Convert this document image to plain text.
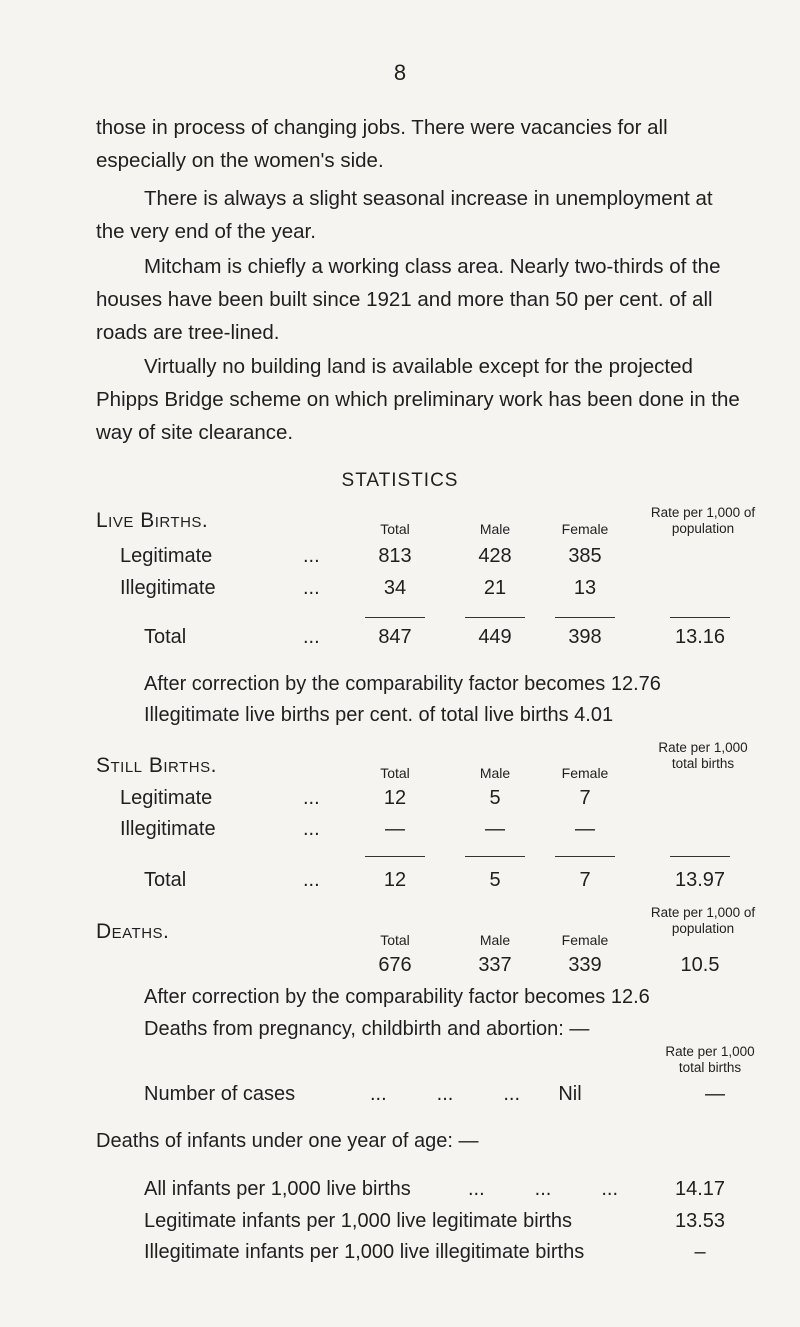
8
those in process of changing jobs. There were vacancies for all especially on the women's side.
There is always a slight seasonal increase in unemployment at the very end of the year.
Mitcham is chiefly a working class area. Nearly two-thirds of the houses have been built since 1921 and more than 50 per cent. of all roads are tree-lined.
Virtually no building land is available except for the projected Phipps Bridge scheme on which preliminary work has been done in the way of site clearance.
STATISTICS
Live Births.	Total	Male	Female
Rate per 1,000 of population
Legitimate	...	813	428	385
Illegitimate	...	34	21	13
Total	...	847	449	398	13.16
After correction by the comparability factor becomes 12.76
Illegitimate live births per cent. of total live births 4.01
Still Births.	Total	Male	Female
Rate per 1,000 total births
Legitimate	...	12	5	7
Illegitimate	...	—	—	—
Total	...	12	5	7	13.97
Deaths.	Total	Male	Female
Rate per 1,000 of population
676	337	339	10.5
After correction by the comparability factor becomes 12.6
Deaths from pregnancy, childbirth and abortion: —
Rate per 1,000 total births
Number of cases	...         ...         ...	Nil	—
Deaths of infants under one year of age: —
All infants per 1,000 live births	...         ...         ...	14.17
Legitimate infants per 1,000 live legitimate births	13.53
Illegitimate infants per 1,000 live illegitimate births	–
